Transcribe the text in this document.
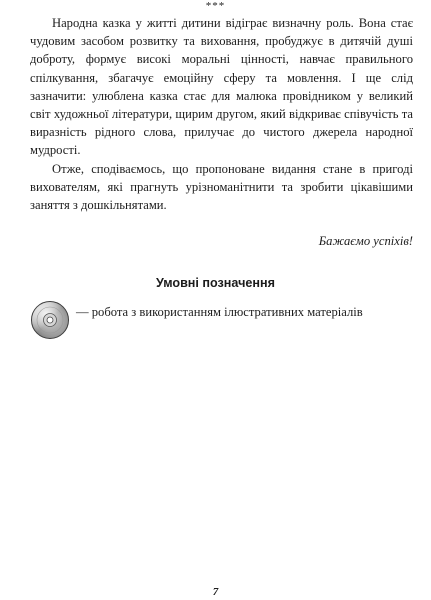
***

Народна казка у житті дитини відіграє визначну роль. Вона стає чудовим засобом розвитку та виховання, пробуджує в дитячій душі доброту, формує високі моральні цінності, навчає правильного спілкування, збагачує емоційну сферу та мовлення. І ще слід зазначити: улюблена казка стає для малюка провідником у великий світ художньої літератури, щирим другом, який відкриває співучість та виразність рідного слова, прилучає до чистого джерела народної мудрості.

Отже, сподіваємось, що пропоноване видання стане в пригоді вихователям, які прагнуть урізноманітнити та зробити цікавішими заняття з дошкільнятами.

Бажаємо успіхів!
Умовні позначення
— робота з використанням ілюстративних матеріалів
7
